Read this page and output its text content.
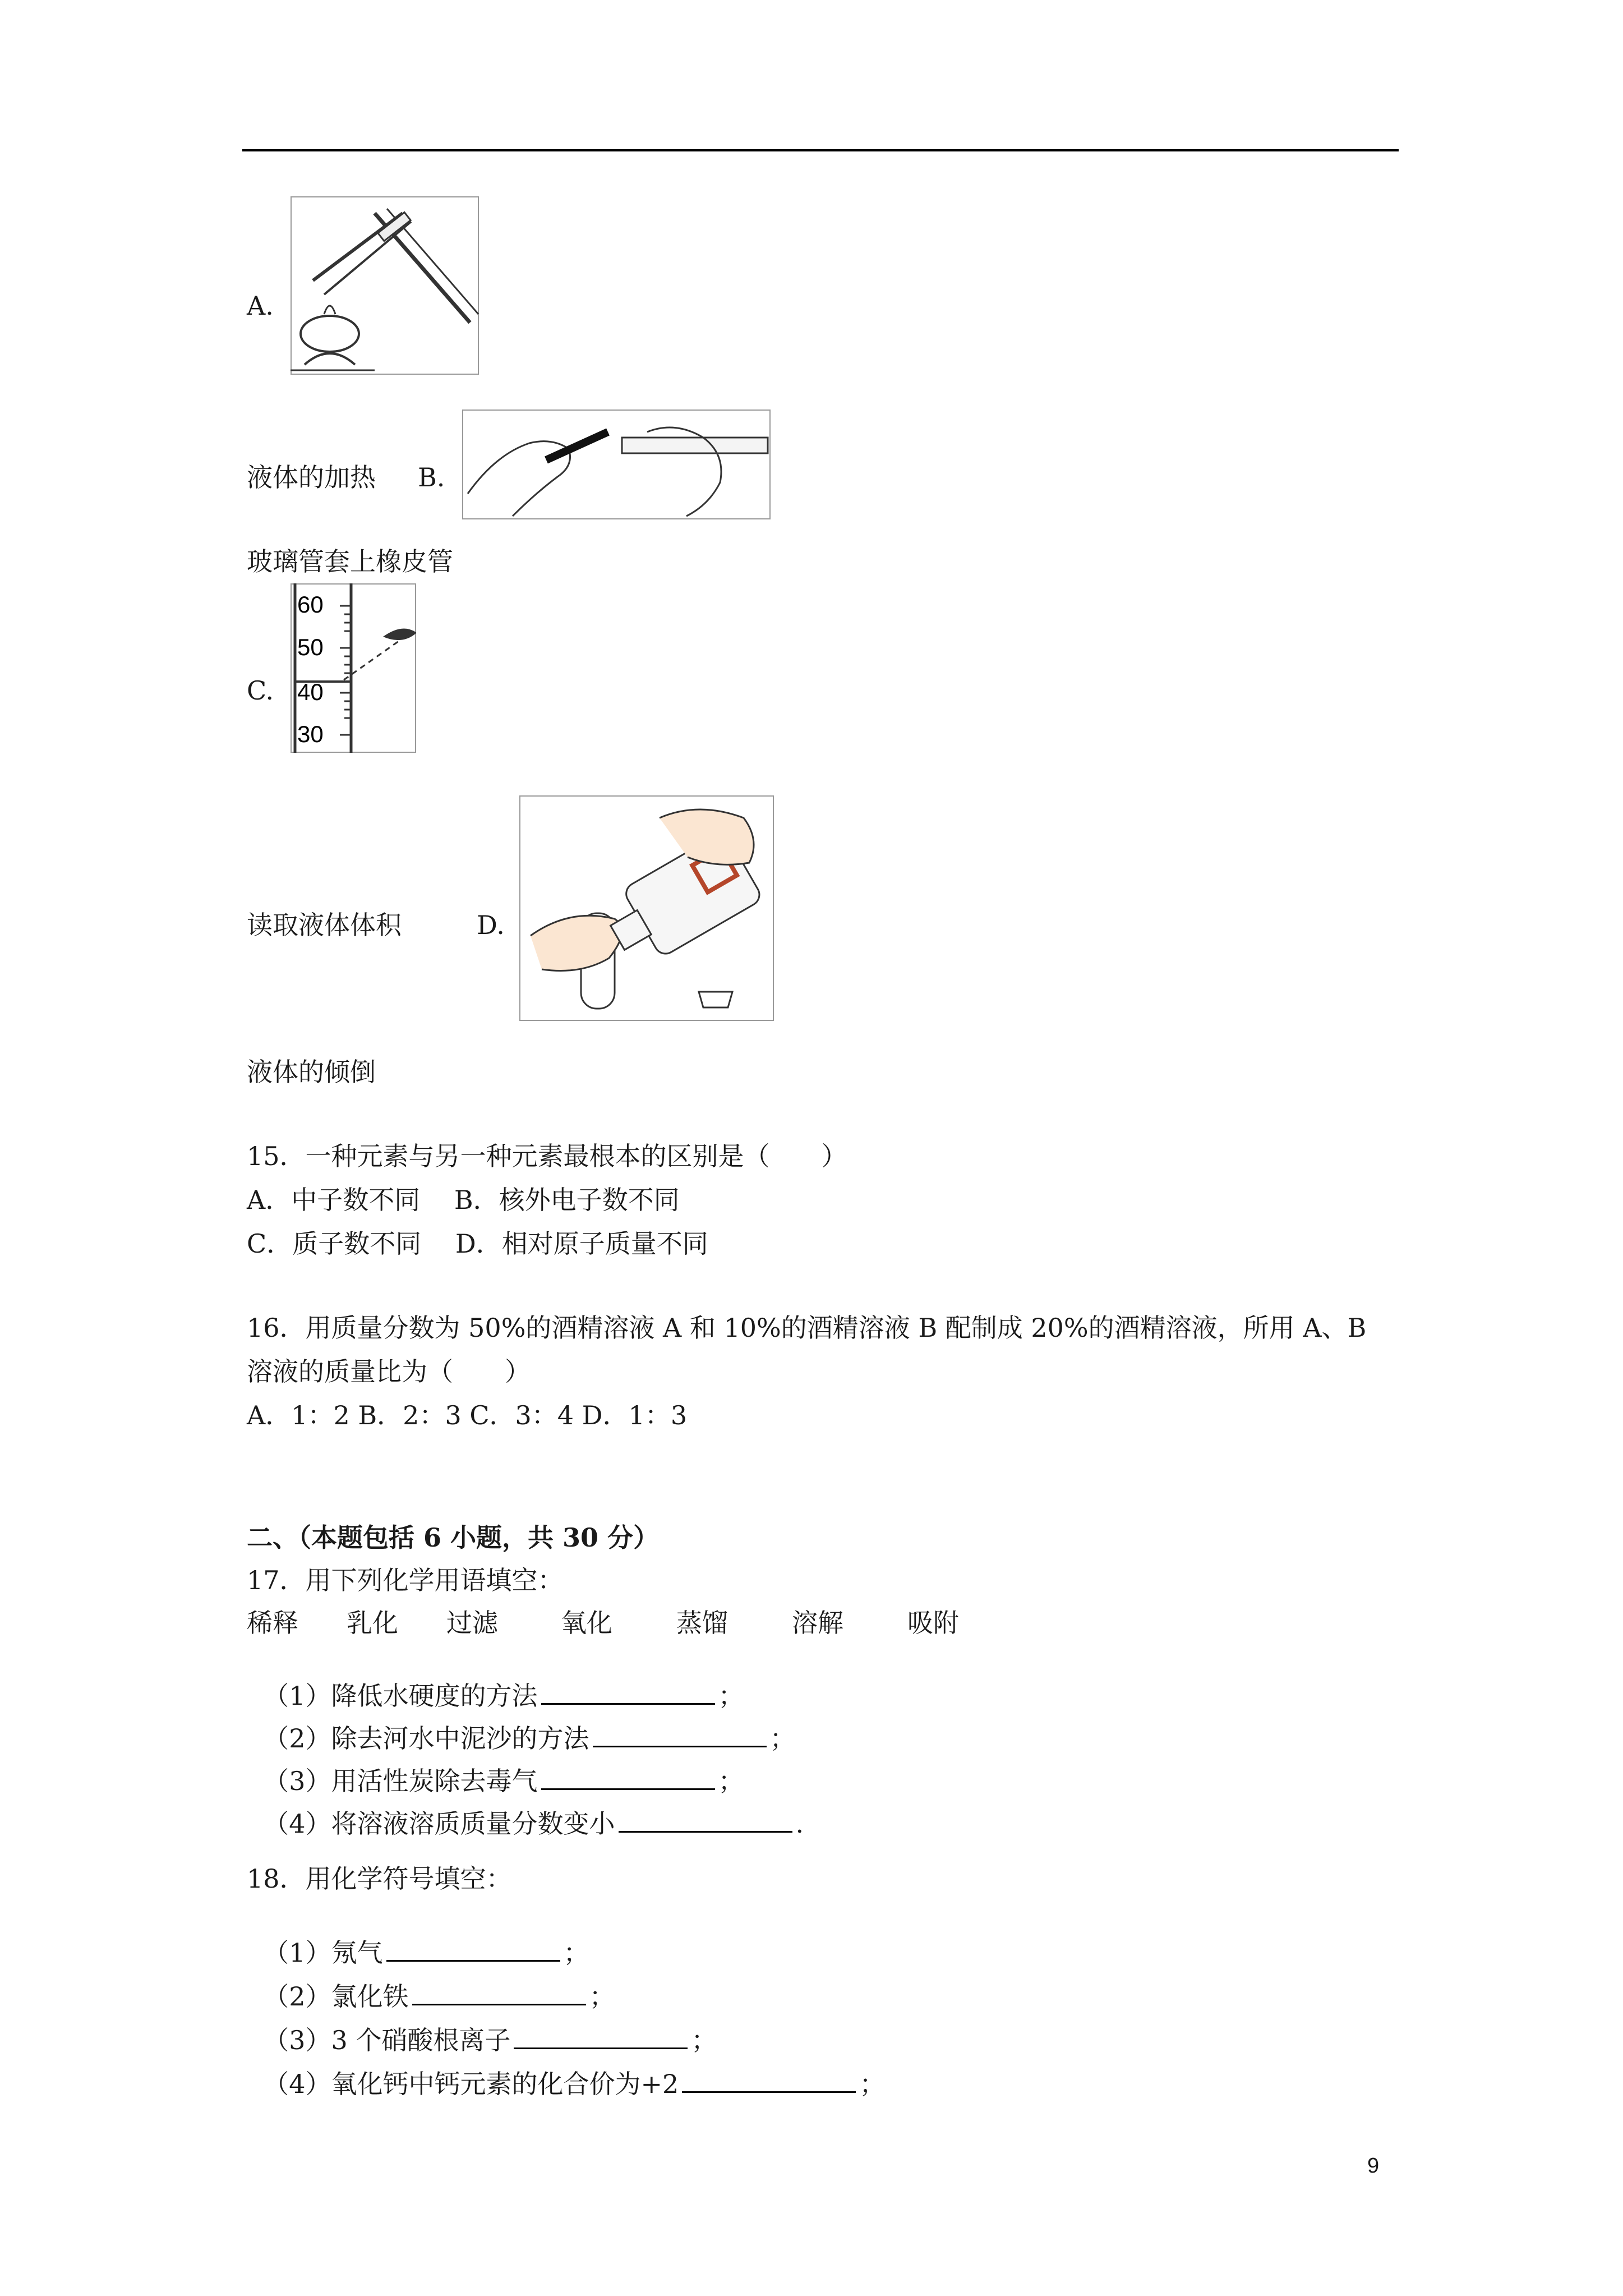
A.
液体的加热 B.
玻璃管套上橡皮管
C.
60
50
40
30
读取液体体积	D.
液体的倾倒
15．一种元素与另一种元素最根本的区别是（　　）
A．中子数不同　 B．核外电子数不同
C．质子数不同　 D．相对原子质量不同
16．用质量分数为 50%的酒精溶液 A 和 10%的酒精溶液 B 配制成 20%的酒精溶液，所用 A、B
溶液的质量比为（　　）
A．1：2 B．2：3 C．3：4 D．1：3
二、（本题包括 6 小题，共 30 分）
17．用下列化学用语填空：
稀释 乳化 过滤 氧化 蒸馏 溶解 吸附

（1）降低水硬度的方法	；

（2）除去河水中泥沙的方法	；

（3）用活性炭除去毒气	；

（4）将溶液溶质质量分数变小	.

18．用化学符号填空：

（1）氖气	；

（2）氯化铁	；

（3）3 个硝酸根离子	；

（4）氧化钙中钙元素的化合价为+2	；

9
